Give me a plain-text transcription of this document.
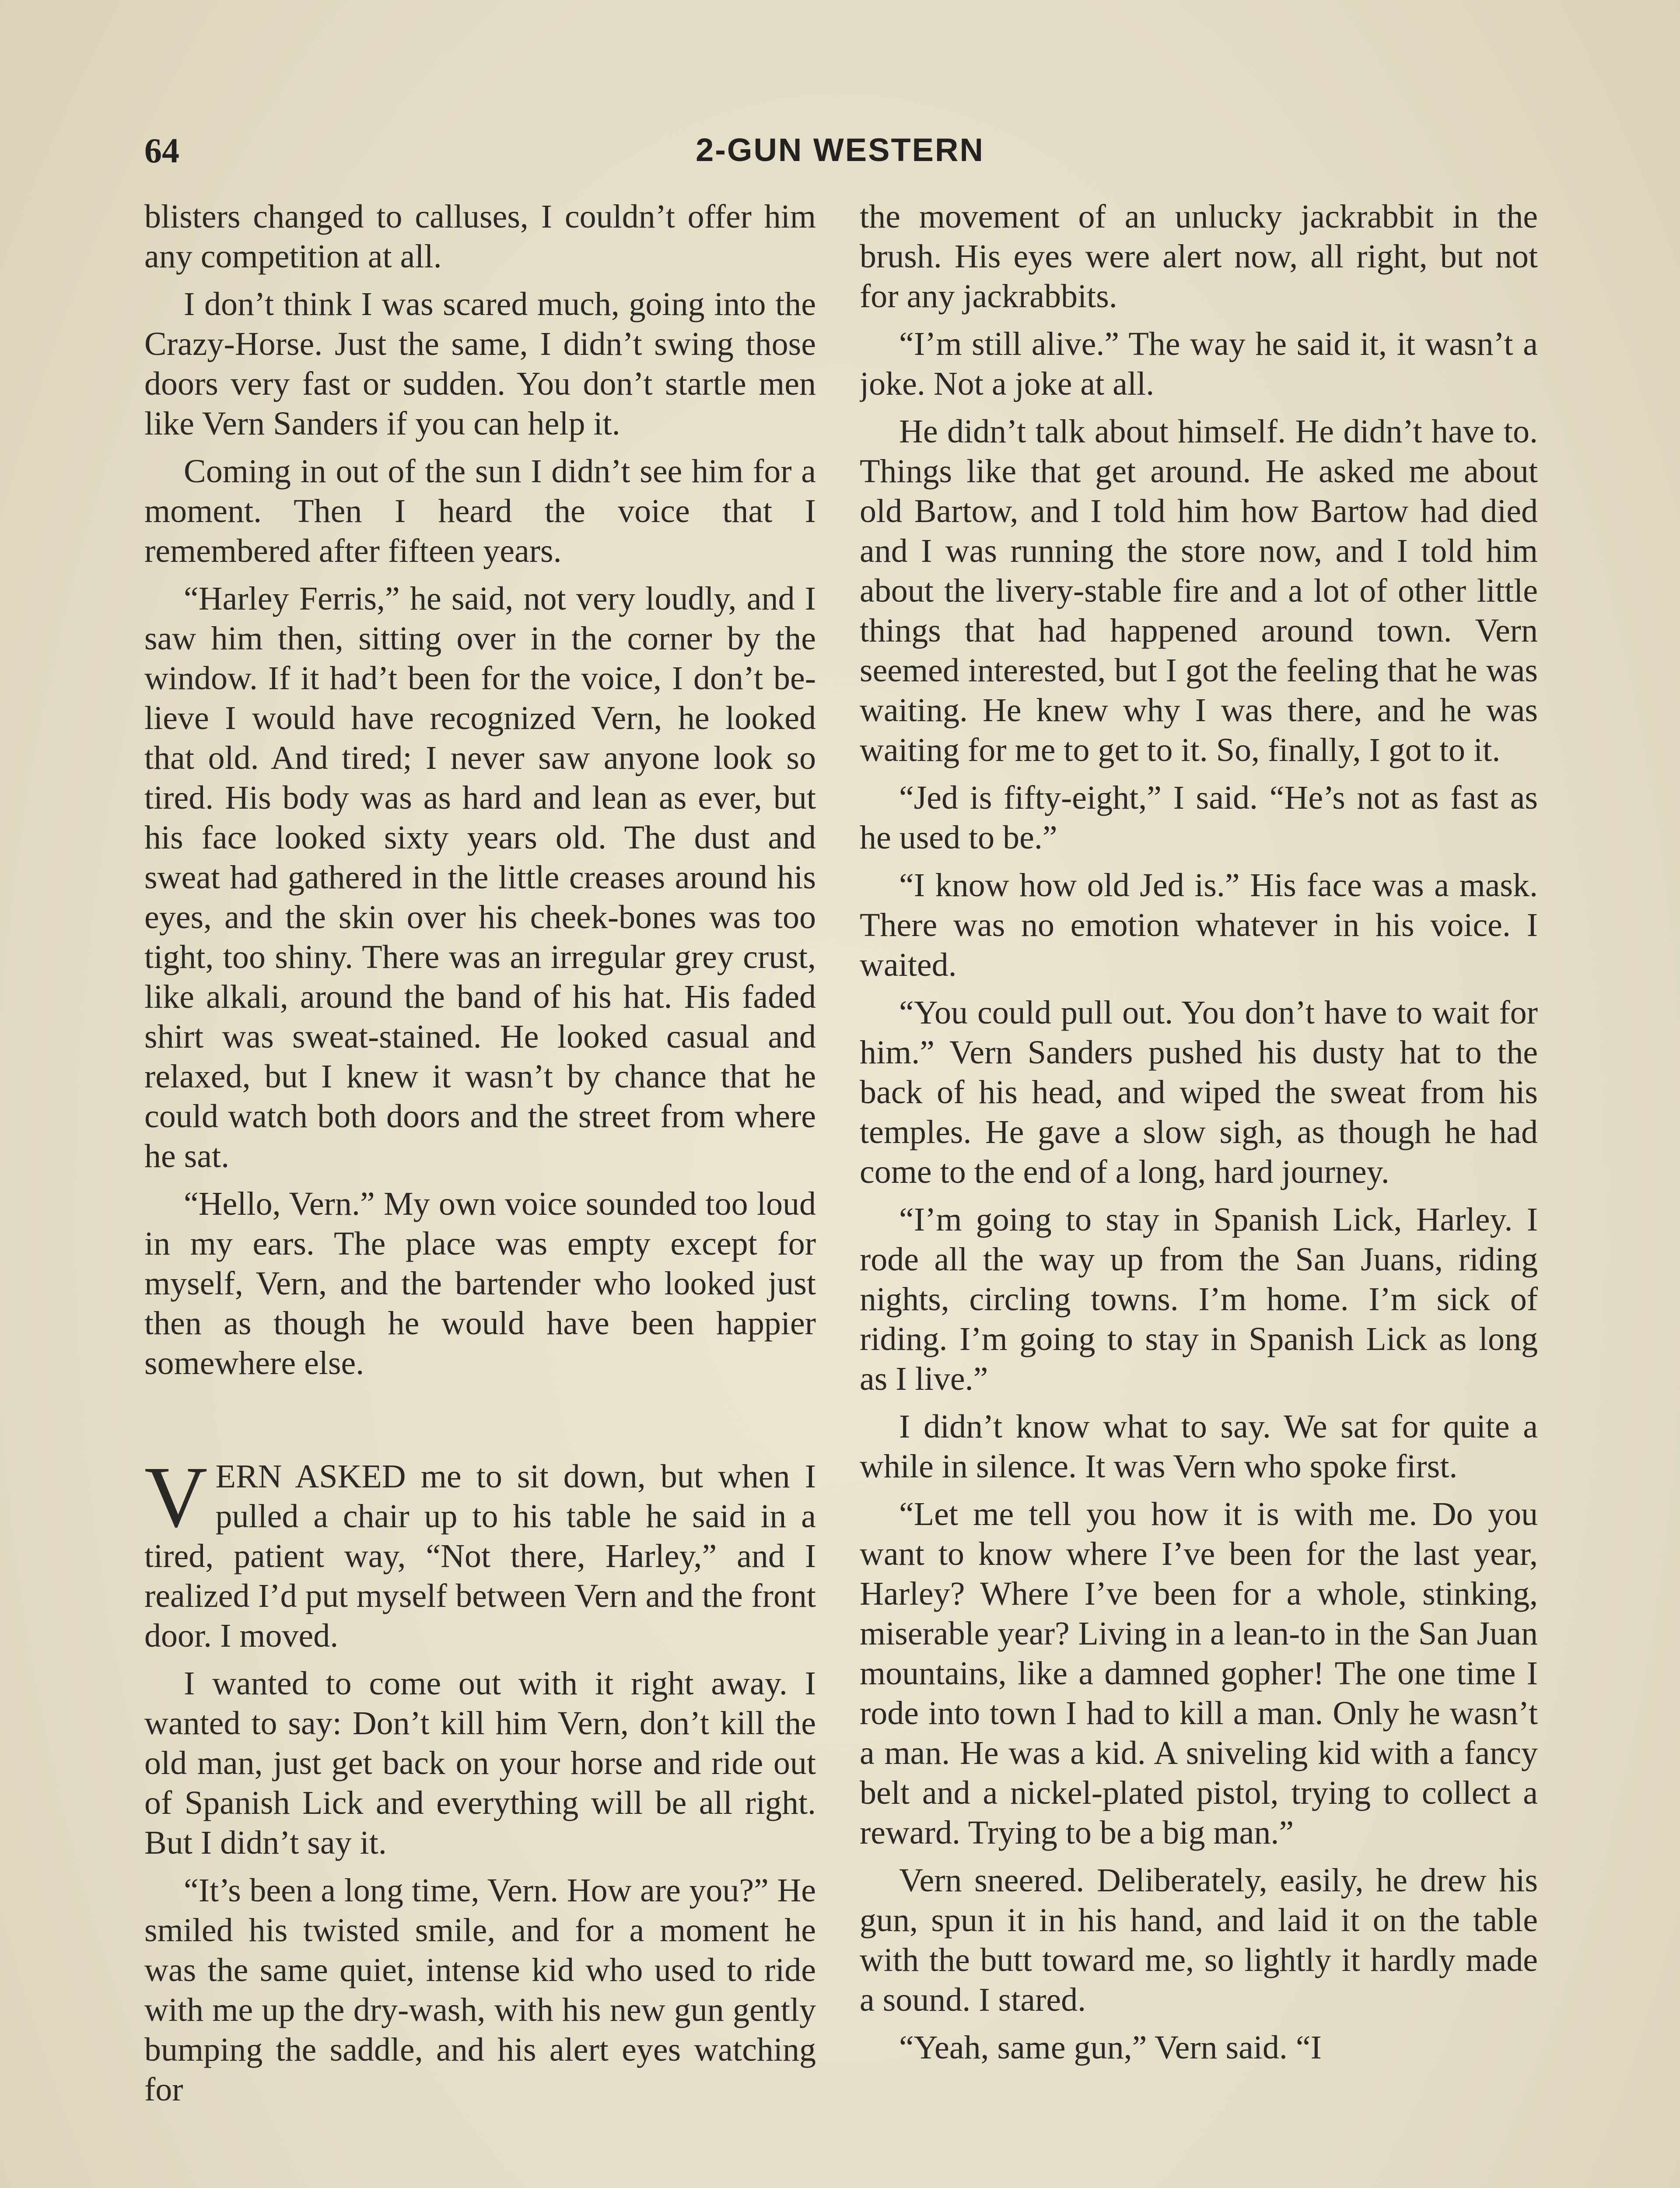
64	2-GUN WESTERN

blisters changed to calluses, I couldn’t offer him any competition at all.

I don’t think I was scared much, going into the Crazy-Horse. Just the same, I didn’t swing those doors very fast or sudden. You don’t startle men like Vern Sanders if you can help it.

Coming in out of the sun I didn’t see him for a moment. Then I heard the voice that I remembered after fifteen years.

“Harley Ferris,” he said, not very loudly, and I saw him then, sitting over in the corner by the window. If it had’t been for the voice, I don’t believe I would have recognized Vern, he looked that old. And tired; I never saw anyone look so tired. His body was as hard and lean as ever, but his face looked sixty years old. The dust and sweat had gathered in the little creases around his eyes, and the skin over his cheek-bones was too tight, too shiny. There was an irregular grey crust, like alkali, around the band of his hat. His faded shirt was sweat-stained. He looked casual and relaxed, but I knew it wasn’t by chance that he could watch both doors and the street from where he sat.

“Hello, Vern.” My own voice sounded too loud in my ears. The place was empty except for myself, Vern, and the bartender who looked just then as though he would have been happier somewhere else.

VERN ASKED me to sit down, but when I pulled a chair up to his table he said in a tired, patient way, “Not there, Harley,” and I realized I’d put myself between Vern and the front door. I moved.

I wanted to come out with it right away. I wanted to say: Don’t kill him Vern, don’t kill the old man, just get back on your horse and ride out of Spanish Lick and everything will be all right. But I didn’t say it.

“It’s been a long time, Vern. How are you?” He smiled his twisted smile, and for a moment he was the same quiet, intense kid who used to ride with me up the dry-wash, with his new gun gently bumping the saddle, and his alert eyes watching for

the movement of an unlucky jackrabbit in the brush. His eyes were alert now, all right, but not for any jackrabbits.

“I’m still alive.” The way he said it, it wasn’t a joke. Not a joke at all.

He didn’t talk about himself. He didn’t have to. Things like that get around. He asked me about old Bartow, and I told him how Bartow had died and I was running the store now, and I told him about the livery-stable fire and a lot of other little things that had happened around town. Vern seemed interested, but I got the feeling that he was waiting. He knew why I was there, and he was waiting for me to get to it. So, finally, I got to it.

“Jed is fifty-eight,” I said. “He’s not as fast as he used to be.”

“I know how old Jed is.” His face was a mask. There was no emotion whatever in his voice. I waited.

“You could pull out. You don’t have to wait for him.” Vern Sanders pushed his dusty hat to the back of his head, and wiped the sweat from his temples. He gave a slow sigh, as though he had come to the end of a long, hard journey.

“I’m going to stay in Spanish Lick, Harley. I rode all the way up from the San Juans, riding nights, circling towns. I’m home. I’m sick of riding. I’m going to stay in Spanish Lick as long as I live.”

I didn’t know what to say. We sat for quite a while in silence. It was Vern who spoke first.

“Let me tell you how it is with me. Do you want to know where I’ve been for the last year, Harley? Where I’ve been for a whole, stinking, miserable year? Living in a lean-to in the San Juan mountains, like a damned gopher! The one time I rode into town I had to kill a man. Only he wasn’t a man. He was a kid. A sniveling kid with a fancy belt and a nickel-plated pistol, trying to collect a reward. Trying to be a big man.”

Vern sneered. Deliberately, easily, he drew his gun, spun it in his hand, and laid it on the table with the butt toward me, so lightly it hardly made a sound. I stared.

“Yeah, same gun,” Vern said. “I
